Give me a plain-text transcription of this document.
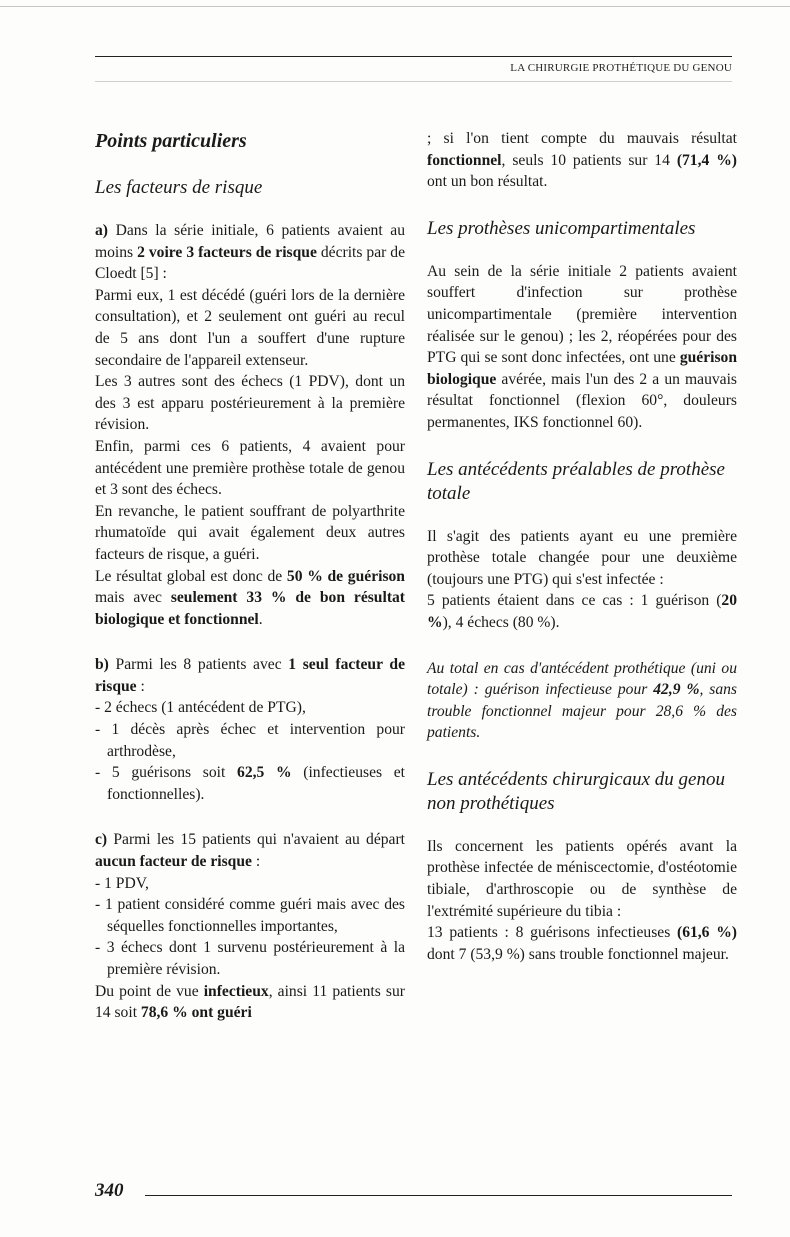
LA CHIRURGIE PROTHÉTIQUE DU GENOU
Points particuliers
Les facteurs de risque

a) Dans la série initiale, 6 patients avaient au moins 2 voire 3 facteurs de risque décrits par de Cloedt [5] :

Parmi eux, 1 est décédé (guéri lors de la dernière consultation), et 2 seulement ont guéri au recul de 5 ans dont l'un a souffert d'une rupture secondaire de l'appareil extenseur.

Les 3 autres sont des échecs (1 PDV), dont un des 3 est apparu postérieurement à la première révision.

Enfin, parmi ces 6 patients, 4 avaient pour antécédent une première prothèse totale de genou et 3 sont des échecs.

En revanche, le patient souffrant de polyarthrite rhumatoïde qui avait également deux autres facteurs de risque, a guéri.

Le résultat global est donc de 50 % de guérison mais avec seulement 33 % de bon résultat biologique et fonctionnel.

b) Parmi les 8 patients avec 1 seul facteur de risque :

- 2 échecs (1 antécédent de PTG),
- 1 décès après échec et intervention pour arthrodèse,
- 5 guérisons soit 62,5 % (infectieuses et fonctionnelles).

c) Parmi les 15 patients qui n'avaient au départ aucun facteur de risque :

- 1 PDV,
- 1 patient considéré comme guéri mais avec des séquelles fonctionnelles importantes,
- 3 échecs dont 1 survenu postérieurement à la première révision.

Du point de vue infectieux, ainsi 11 patients sur 14 soit 78,6 % ont guéri

; si l'on tient compte du mauvais résultat fonctionnel, seuls 10 patients sur 14 (71,4 %) ont un bon résultat.

Les prothèses unicompartimentales

Au sein de la série initiale 2 patients avaient souffert d'infection sur prothèse unicompartimentale (première intervention réalisée sur le genou) ; les 2, réopérées pour des PTG qui se sont donc infectées, ont une guérison biologique avérée, mais l'un des 2 a un mauvais résultat fonctionnel (flexion 60°, douleurs permanentes, IKS fonctionnel 60).

Les antécédents préalables de prothèse totale

Il s'agit des patients ayant eu une première prothèse totale changée pour une deuxième (toujours une PTG) qui s'est infectée :

5 patients étaient dans ce cas : 1 guérison (20 %), 4 échecs (80 %).

Au total en cas d'antécédent prothétique (uni ou totale) : guérison infectieuse pour 42,9 %, sans trouble fonctionnel majeur pour 28,6 % des patients.

Les antécédents chirurgicaux du genou non prothétiques

Ils concernent les patients opérés avant la prothèse infectée de méniscectomie, d'ostéotomie tibiale, d'arthroscopie ou de synthèse de l'extrémité supérieure du tibia :

13 patients : 8 guérisons infectieuses (61,6 %) dont 7 (53,9 %) sans trouble fonctionnel majeur.

340
